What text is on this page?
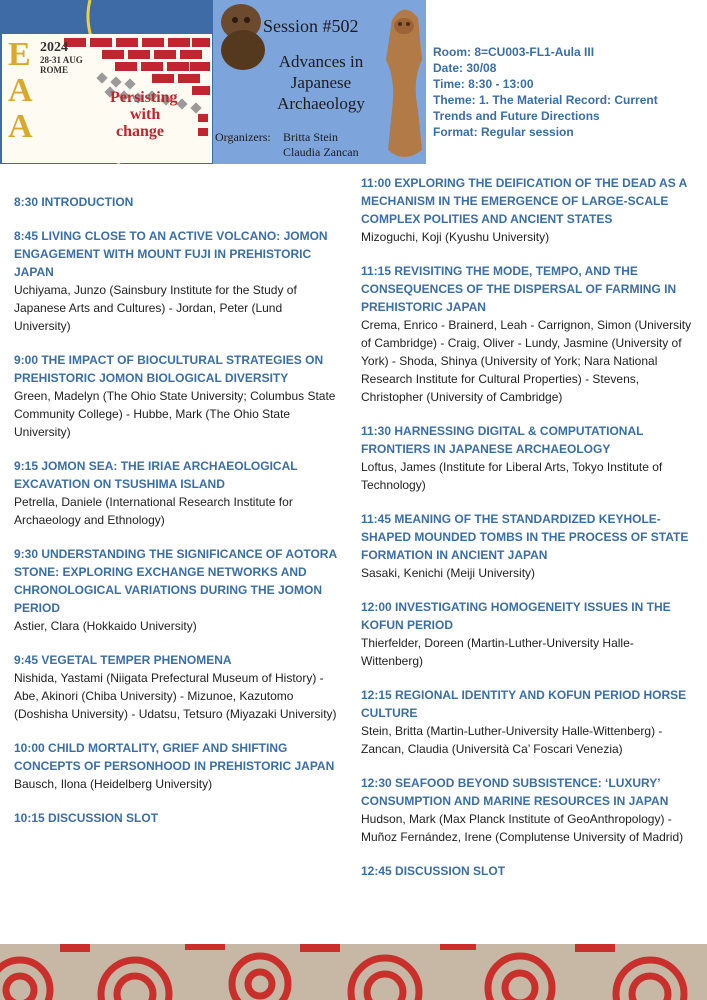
E
A
A
2024
28-31 AUG
ROME
Persisting
with
change
Session #502
Advances in
Japanese
Archaeology
Organizers: Britta Stein
Claudia Zancan
Room: 8=CU003-FL1-Aula III
Date: 30/08
Time: 8:30 - 13:00
Theme: 1. The Material Record: Current
Trends and Future Directions
Format: Regular session
8:30 INTRODUCTION
8:45 LIVING CLOSE TO AN ACTIVE VOLCANO: JOMON ENGAGEMENT WITH MOUNT FUJI IN PREHISTORIC JAPAN
Uchiyama, Junzo (Sainsbury Institute for the Study of Japanese Arts and Cultures) - Jordan, Peter (Lund University)
9:00 THE IMPACT OF BIOCULTURAL STRATEGIES ON PREHISTORIC JOMON BIOLOGICAL DIVERSITY
Green, Madelyn (The Ohio State University; Columbus State Community College) - Hubbe, Mark (The Ohio State University)
9:15 JOMON SEA: THE IRIAE ARCHAEOLOGICAL EXCAVATION ON TSUSHIMA ISLAND
Petrella, Daniele (International Research Institute for Archaeology and Ethnology)
9:30 UNDERSTANDING THE SIGNIFICANCE OF AOTORA STONE: EXPLORING EXCHANGE NETWORKS AND CHRONOLOGICAL VARIATIONS DURING THE JOMON PERIOD
Astier, Clara (Hokkaido University)
9:45 VEGETAL TEMPER PHENOMENA
Nishida, Yastami (Niigata Prefectural Museum of History) - Abe, Akinori (Chiba University) - Mizunoe, Kazutomo (Doshisha University) - Udatsu, Tetsuro (Miyazaki University)
10:00 CHILD MORTALITY, GRIEF AND SHIFTING CONCEPTS OF PERSONHOOD IN PREHISTORIC JAPAN
Bausch, Ilona (Heidelberg University)
10:15 DISCUSSION SLOT
11:00 EXPLORING THE DEIFICATION OF THE DEAD AS A MECHANISM IN THE EMERGENCE OF LARGE-SCALE COMPLEX POLITIES AND ANCIENT STATES
Mizoguchi, Koji (Kyushu University)
11:15 REVISITING THE MODE, TEMPO, AND THE CONSEQUENCES OF THE DISPERSAL OF FARMING IN PREHISTORIC JAPAN
Crema, Enrico - Brainerd, Leah - Carrignon, Simon (University of Cambridge) - Craig, Oliver - Lundy, Jasmine (University of York) - Shoda, Shinya (University of York; Nara National Research Institute for Cultural Properties) - Stevens, Christopher (University of Cambridge)
11:30 HARNESSING DIGITAL & COMPUTATIONAL FRONTIERS IN JAPANESE ARCHAEOLOGY
Loftus, James (Institute for Liberal Arts, Tokyo Institute of Technology)
11:45 MEANING OF THE STANDARDIZED KEYHOLE-SHAPED MOUNDED TOMBS IN THE PROCESS OF STATE FORMATION IN ANCIENT JAPAN
Sasaki, Kenichi (Meiji University)
12:00 INVESTIGATING HOMOGENEITY ISSUES IN THE KOFUN PERIOD
Thierfelder, Doreen (Martin-Luther-University Halle-Wittenberg)
12:15 REGIONAL IDENTITY AND KOFUN PERIOD HORSE CULTURE
Stein, Britta (Martin-Luther-University Halle-Wittenberg) - Zancan, Claudia (Università Ca’ Foscari Venezia)
12:30 SEAFOOD BEYOND SUBSISTENCE: ‘LUXURY’ CONSUMPTION AND MARINE RESOURCES IN JAPAN
Hudson, Mark (Max Planck Institute of GeoAnthropology) - Muñoz Fernández, Irene (Complutense University of Madrid)
12:45 DISCUSSION SLOT
